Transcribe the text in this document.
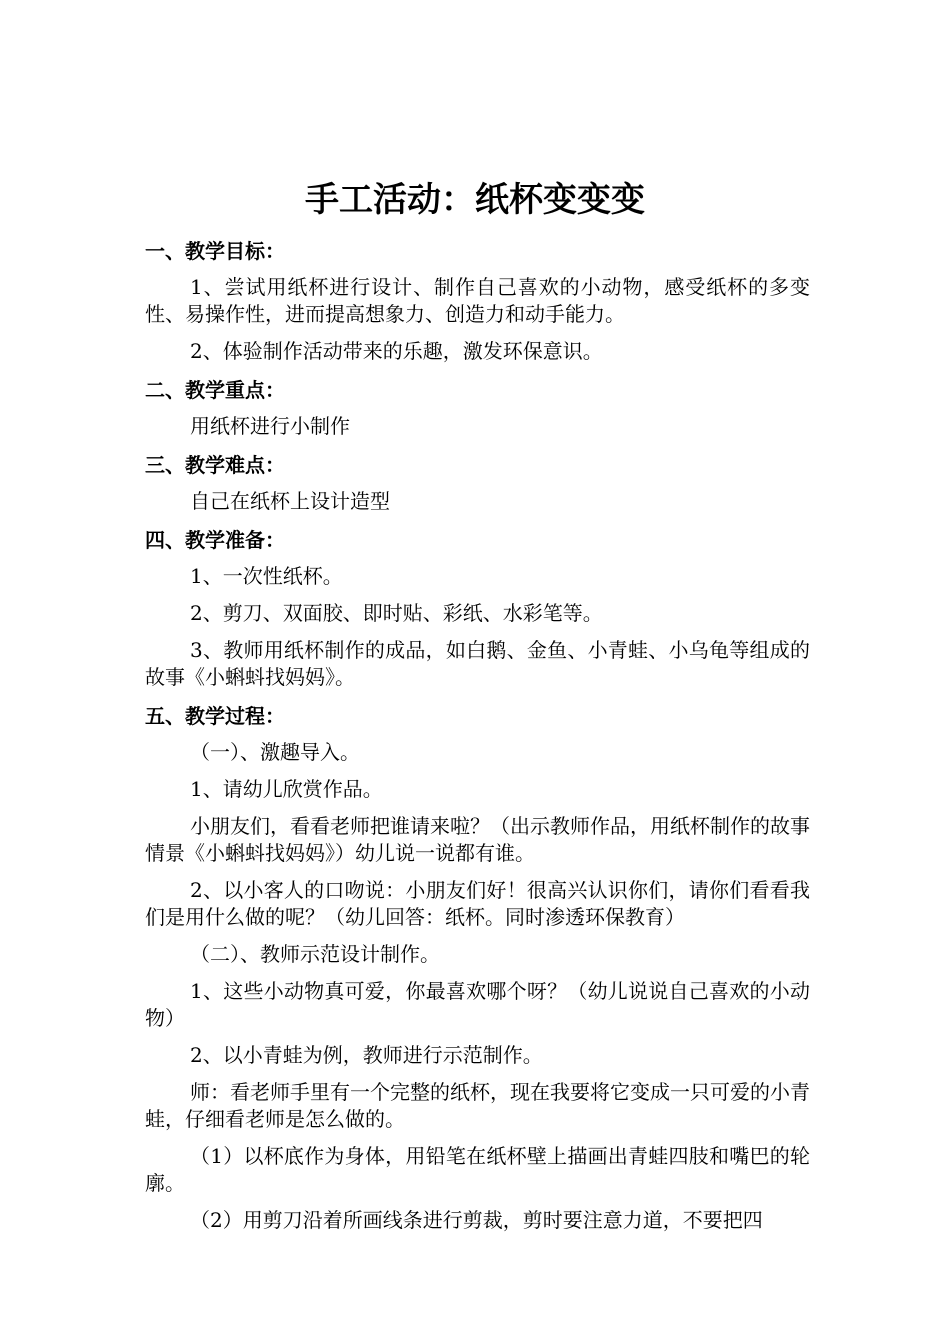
手工活动：纸杯变变变
一、教学目标：

1、尝试用纸杯进行设计、制作自己喜欢的小动物，感受纸杯的多变性、易操作性，进而提高想象力、创造力和动手能力。

2、体验制作活动带来的乐趣，激发环保意识。

二、教学重点：

用纸杯进行小制作

三、教学难点：

自己在纸杯上设计造型

四、教学准备：

1、一次性纸杯。

2、剪刀、双面胶、即时贴、彩纸、水彩笔等。

3、教师用纸杯制作的成品，如白鹅、金鱼、小青蛙、小乌龟等组成的故事《小蝌蚪找妈妈》。

五、教学过程：

（一）、激趣导入。

1、请幼儿欣赏作品。

小朋友们，看看老师把谁请来啦？（出示教师作品，用纸杯制作的故事情景《小蝌蚪找妈妈》）幼儿说一说都有谁。

2、以小客人的口吻说：小朋友们好！很高兴认识你们，请你们看看我们是用什么做的呢？（幼儿回答：纸杯。同时渗透环保教育）

（二）、教师示范设计制作。

1、这些小动物真可爱，你最喜欢哪个呀？（幼儿说说自己喜欢的小动物）

2、以小青蛙为例，教师进行示范制作。

师：看老师手里有一个完整的纸杯，现在我要将它变成一只可爱的小青蛙，仔细看老师是怎么做的。

（1）以杯底作为身体，用铅笔在纸杯壁上描画出青蛙四肢和嘴巴的轮廓。

（2）用剪刀沿着所画线条进行剪裁，剪时要注意力道，不要把四
